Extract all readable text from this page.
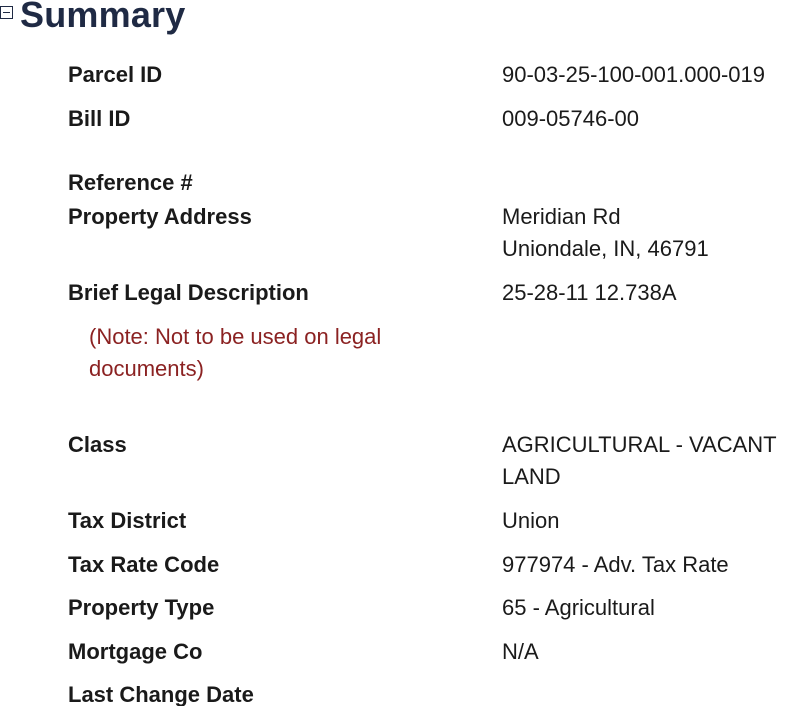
Summary
Parcel ID	90-03-25-100-001.000-019
Bill ID	009-05746-00
Reference #
Property Address	Meridian Rd
Uniondale, IN, 46791
Brief Legal Description	25-28-11 12.738A
(Note: Not to be used on legal
documents)
Class	AGRICULTURAL - VACANT
LAND
Tax District	Union
Tax Rate Code	977974 - Adv. Tax Rate
Property Type	65 - Agricultural
Mortgage Co	N/A
Last Change Date
